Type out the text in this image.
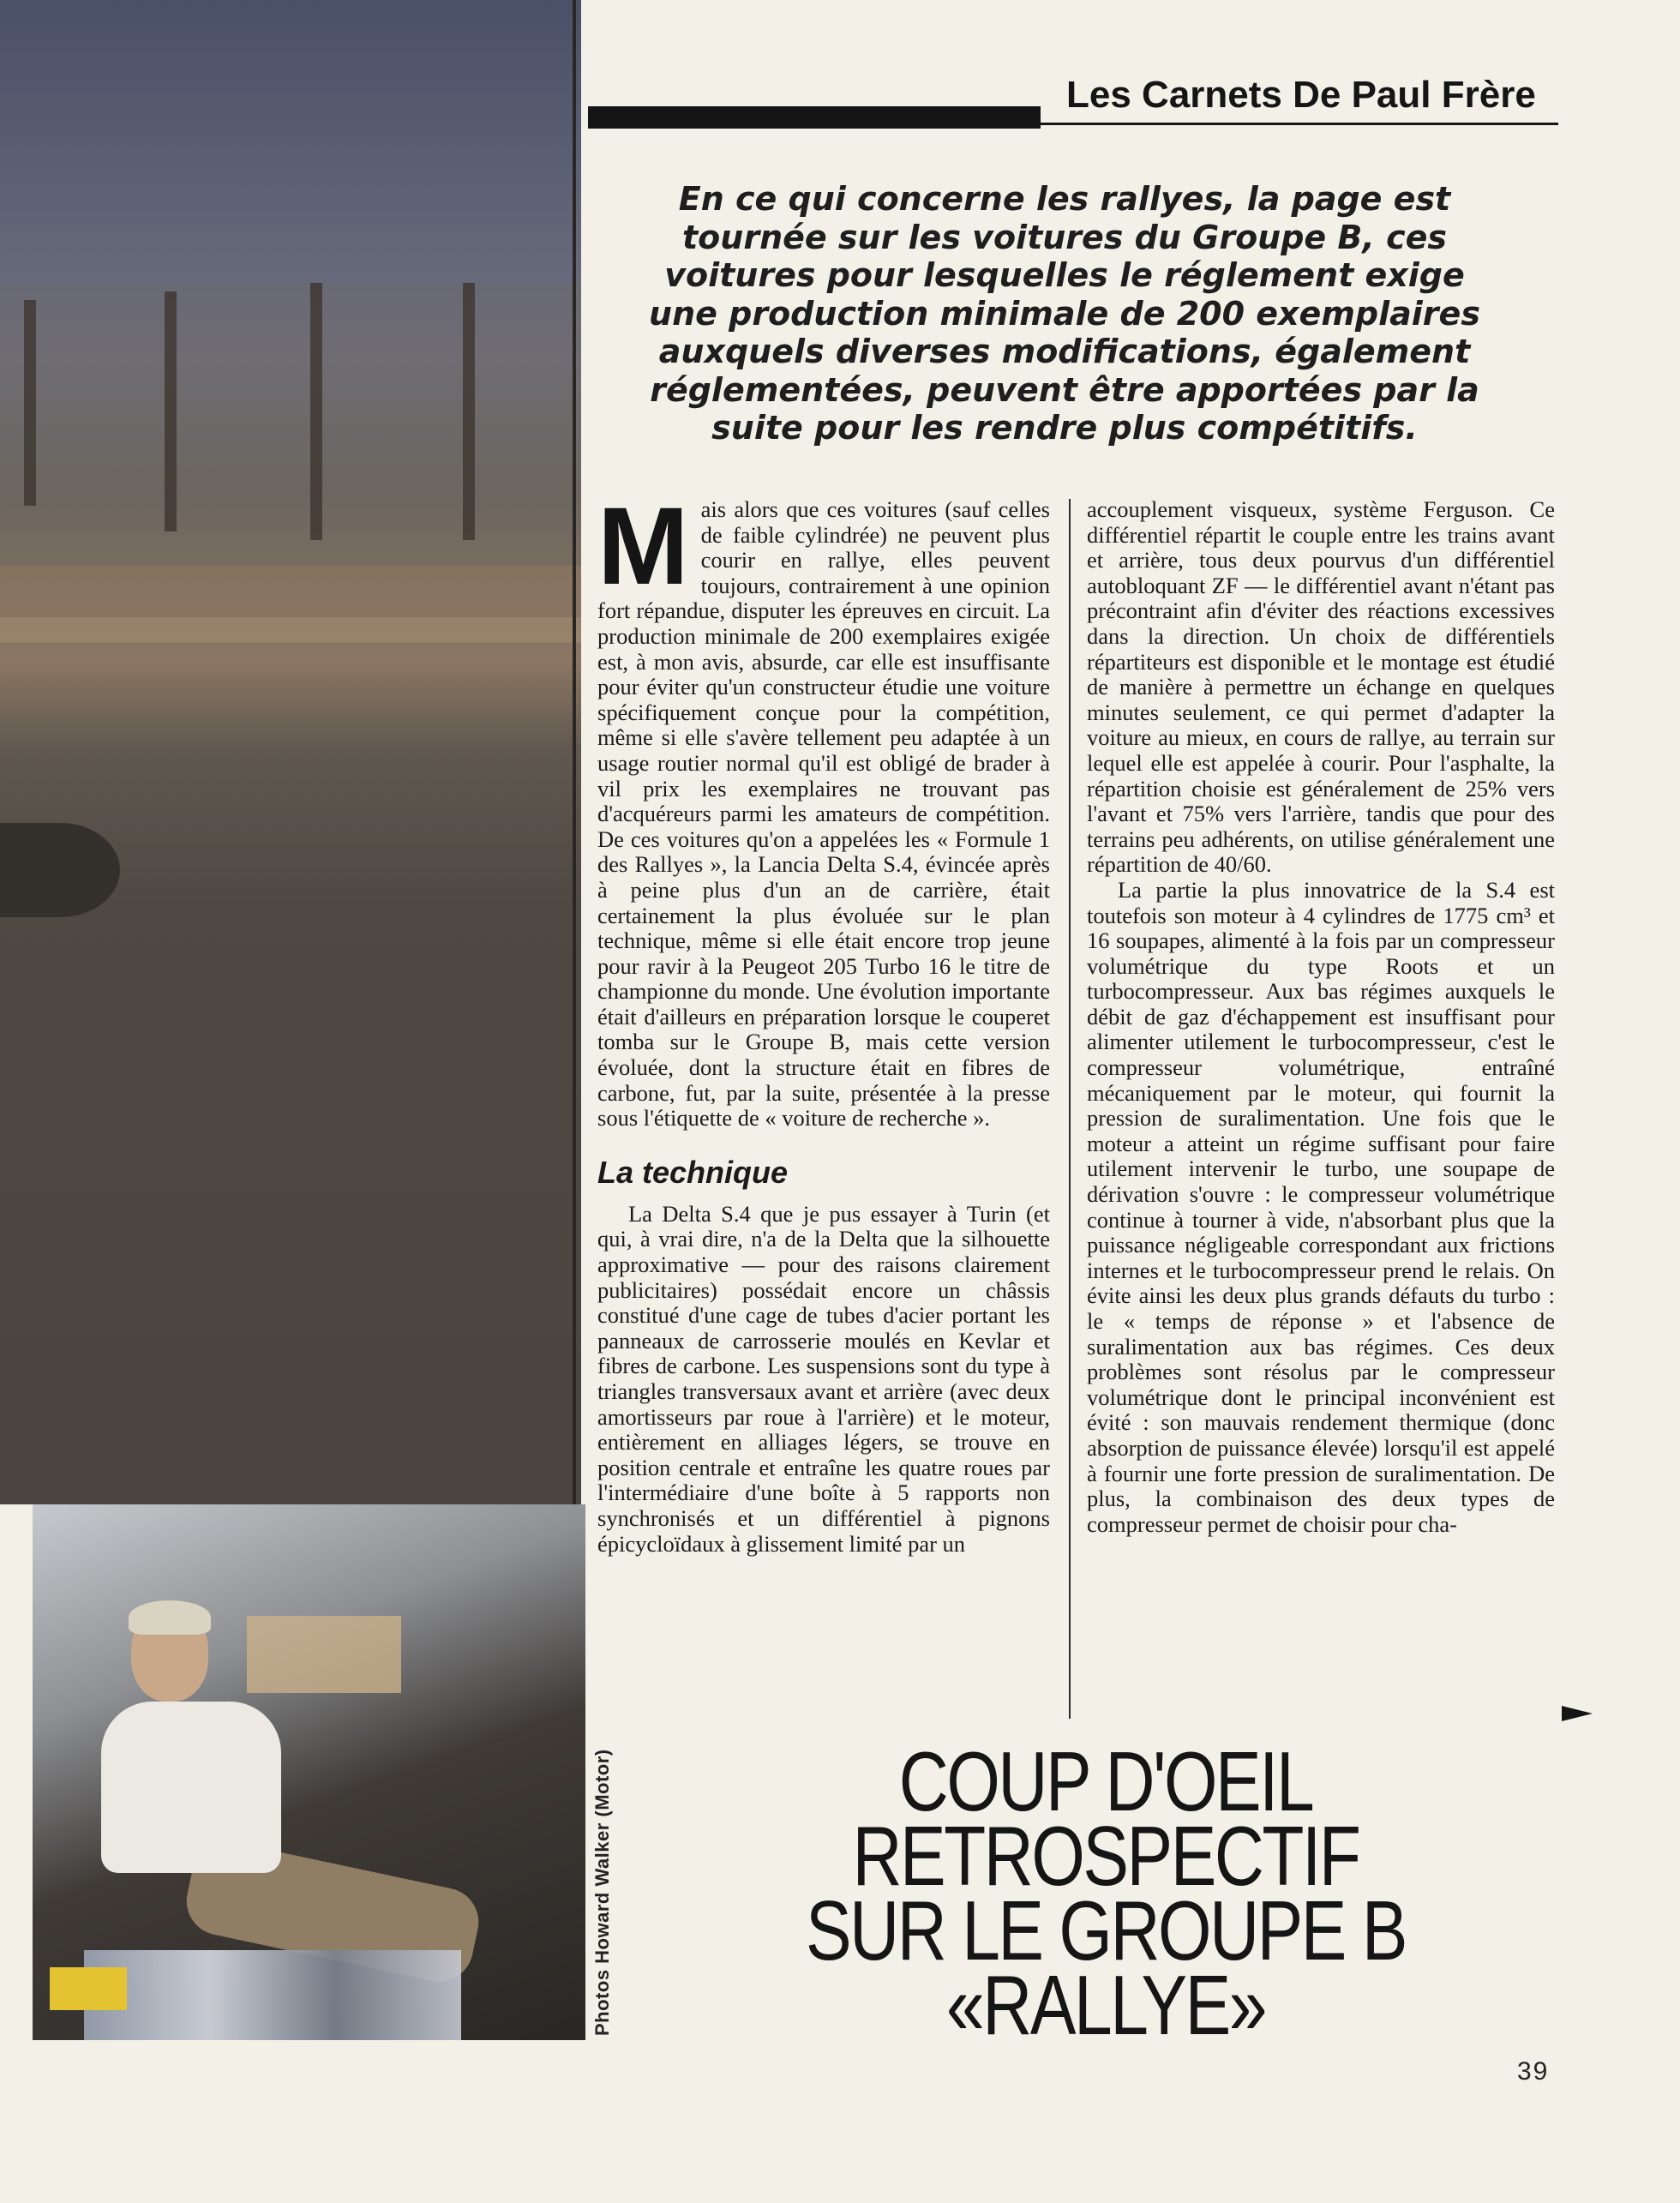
Photos Howard Walker (Motor)
Les Carnets De Paul Frère
En ce qui concerne les rallyes, la page est tournée sur les voitures du Groupe B, ces voitures pour lesquelles le réglement exige une production minimale de 200 exemplaires auxquels diverses modifications, également réglementées, peuvent être apportées par la suite pour les rendre plus compétitifs.

Mais alors que ces voitures (sauf celles de faible cylindrée) ne peuvent plus courir en rallye, elles peuvent toujours, contrairement à une opinion fort répandue, disputer les épreuves en circuit. La production minimale de 200 exemplaires exigée est, à mon avis, absurde, car elle est insuffisante pour éviter qu'un constructeur étudie une voiture spécifiquement conçue pour la compétition, même si elle s'avère tellement peu adaptée à un usage routier normal qu'il est obligé de brader à vil prix les exemplaires ne trouvant pas d'acquéreurs parmi les amateurs de compétition. De ces voitures qu'on a appelées les « Formule 1 des Rallyes », la Lancia Delta S.4, évincée après à peine plus d'un an de carrière, était certainement la plus évoluée sur le plan technique, même si elle était encore trop jeune pour ravir à la Peugeot 205 Turbo 16 le titre de championne du monde. Une évolution importante était d'ailleurs en préparation lorsque le couperet tomba sur le Groupe B, mais cette version évoluée, dont la structure était en fibres de carbone, fut, par la suite, présentée à la presse sous l'étiquette de « voiture de recherche ».

La technique

La Delta S.4 que je pus essayer à Turin (et qui, à vrai dire, n'a de la Delta que la silhouette approximative — pour des raisons clairement publicitaires) possédait encore un châssis constitué d'une cage de tubes d'acier portant les panneaux de carrosserie moulés en Kevlar et fibres de carbone. Les suspensions sont du type à triangles transversaux avant et arrière (avec deux amortisseurs par roue à l'arrière) et le moteur, entièrement en alliages légers, se trouve en position centrale et entraîne les quatre roues par l'intermédiaire d'une boîte à 5 rapports non synchronisés et un différentiel à pignons épicycloïdaux à glissement limité par un

accouplement visqueux, système Ferguson. Ce différentiel répartit le couple entre les trains avant et arrière, tous deux pourvus d'un différentiel autobloquant ZF — le différentiel avant n'étant pas précontraint afin d'éviter des réactions excessives dans la direction. Un choix de différentiels répartiteurs est disponible et le montage est étudié de manière à permettre un échange en quelques minutes seulement, ce qui permet d'adapter la voiture au mieux, en cours de rallye, au terrain sur lequel elle est appelée à courir. Pour l'asphalte, la répartition choisie est généralement de 25% vers l'avant et 75% vers l'arrière, tandis que pour des terrains peu adhérents, on utilise généralement une répartition de 40/60.

La partie la plus innovatrice de la S.4 est toutefois son moteur à 4 cylindres de 1775 cm³ et 16 soupapes, alimenté à la fois par un compresseur volumétrique du type Roots et un turbocompresseur. Aux bas régimes auxquels le débit de gaz d'échappement est insuffisant pour alimenter utilement le turbocompresseur, c'est le compresseur volumétrique, entraîné mécaniquement par le moteur, qui fournit la pression de suralimentation. Une fois que le moteur a atteint un régime suffisant pour faire utilement intervenir le turbo, une soupape de dérivation s'ouvre : le compresseur volumétrique continue à tourner à vide, n'absorbant plus que la puissance négligeable correspondant aux frictions internes et le turbocompresseur prend le relais. On évite ainsi les deux plus grands défauts du turbo : le « temps de réponse » et l'absence de suralimentation aux bas régimes. Ces deux problèmes sont résolus par le compresseur volumétrique dont le principal inconvénient est évité : son mauvais rendement thermique (donc absorption de puissance élevée) lorsqu'il est appelé à fournir une forte pression de suralimentation. De plus, la combinaison des deux types de compresseur permet de choisir pour cha-

COUP D'OEIL
RETROSPECTIF
SUR LE GROUPE B
«RALLYE»
39
